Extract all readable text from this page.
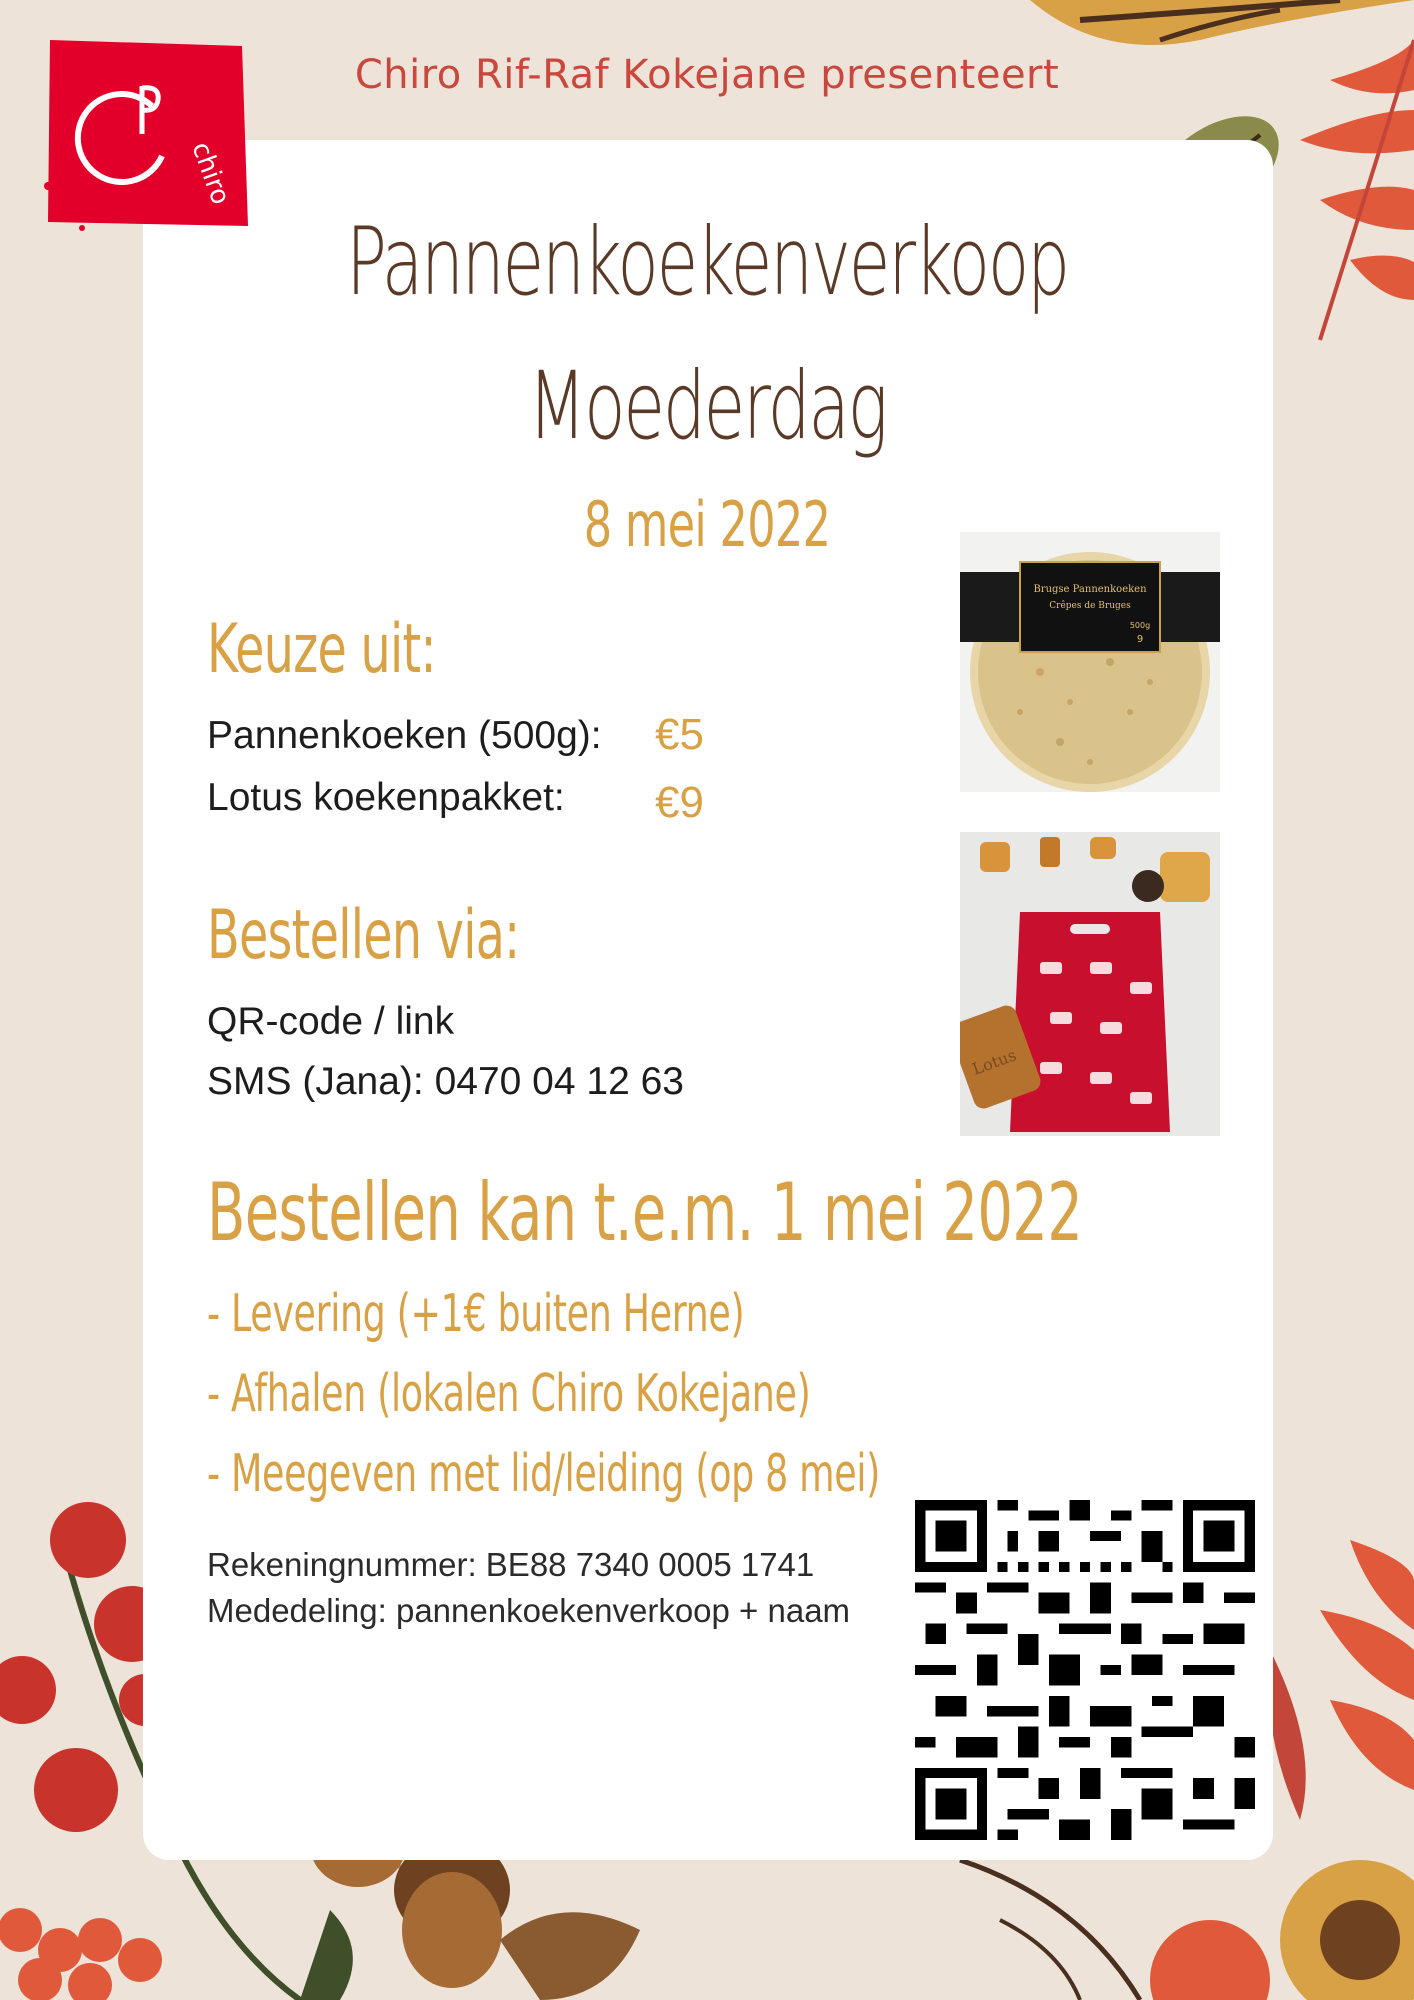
chiro
Chiro Rif-Raf Kokejane presenteert
Pannenkoekenverkoop
Moederdag
8 mei 2022
Keuze uit:
Pannenkoeken (500g): €5
Lotus koekenpakket: €9
Bestellen via:
QR-code / link
SMS (Jana): 0470 04 12 63
Bestellen kan t.e.m. 1 mei 2022
- Levering (+1€ buiten Herne)
- Afhalen (lokalen Chiro Kokejane)
- Meegeven met lid/leiding (op 8 mei)
Rekeningnummer: BE88 7340 0005 1741
Mededeling: pannenkoekenverkoop + naam
Brugse Pannenkoeken
Crêpes de Bruges
500g
9
Lotus
